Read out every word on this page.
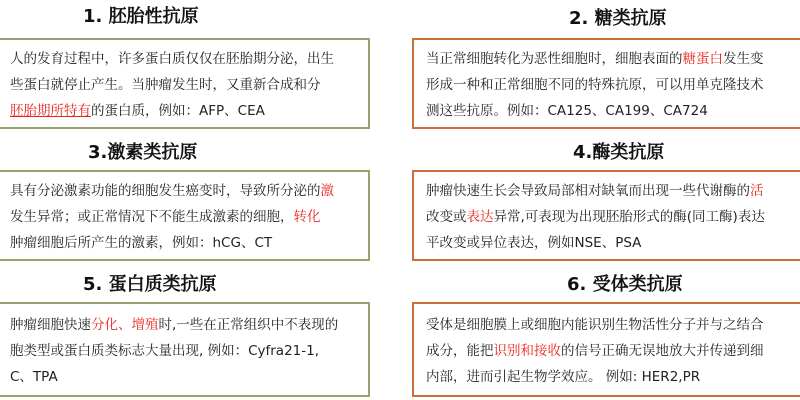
1. 胚胎性抗原
人的发育过程中，许多蛋白质仅仅在胚胎期分泌，出生
些蛋白就停止产生。当肿瘤发生时，又重新合成和分
胚胎期所特有的蛋白质，例如：AFP、CEA
3.激素类抗原
具有分泌激素功能的细胞发生癌变时，导致所分泌的激
发生异常；或正常情况下不能生成激素的细胞，转化
肿瘤细胞后所产生的激素，例如：hCG、CT
5. 蛋白质类抗原
肿瘤细胞快速分化、增殖时,一些在正常组织中不表现的
胞类型或蛋白质类标志大量出现, 例如：Cyfra21-1,
C、TPA
2. 糖类抗原
当正常细胞转化为恶性细胞时，细胞表面的糖蛋白发生变
形成一种和正常细胞不同的特殊抗原，可以用单克隆技术
测这些抗原。例如：CA125、CA199、CA724
4.酶类抗原
肿瘤快速生长会导致局部相对缺氧而出现一些代谢酶的活
改变或表达异常,可表现为出现胚胎形式的酶(同工酶)表达
平改变或异位表达，例如NSE、PSA
6. 受体类抗原
受体是细胞膜上或细胞内能识别生物活性分子并与之结合
成分，能把识别和接收的信号正确无误地放大并传递到细
内部，进而引起生物学效应。 例如: HER2,PR
